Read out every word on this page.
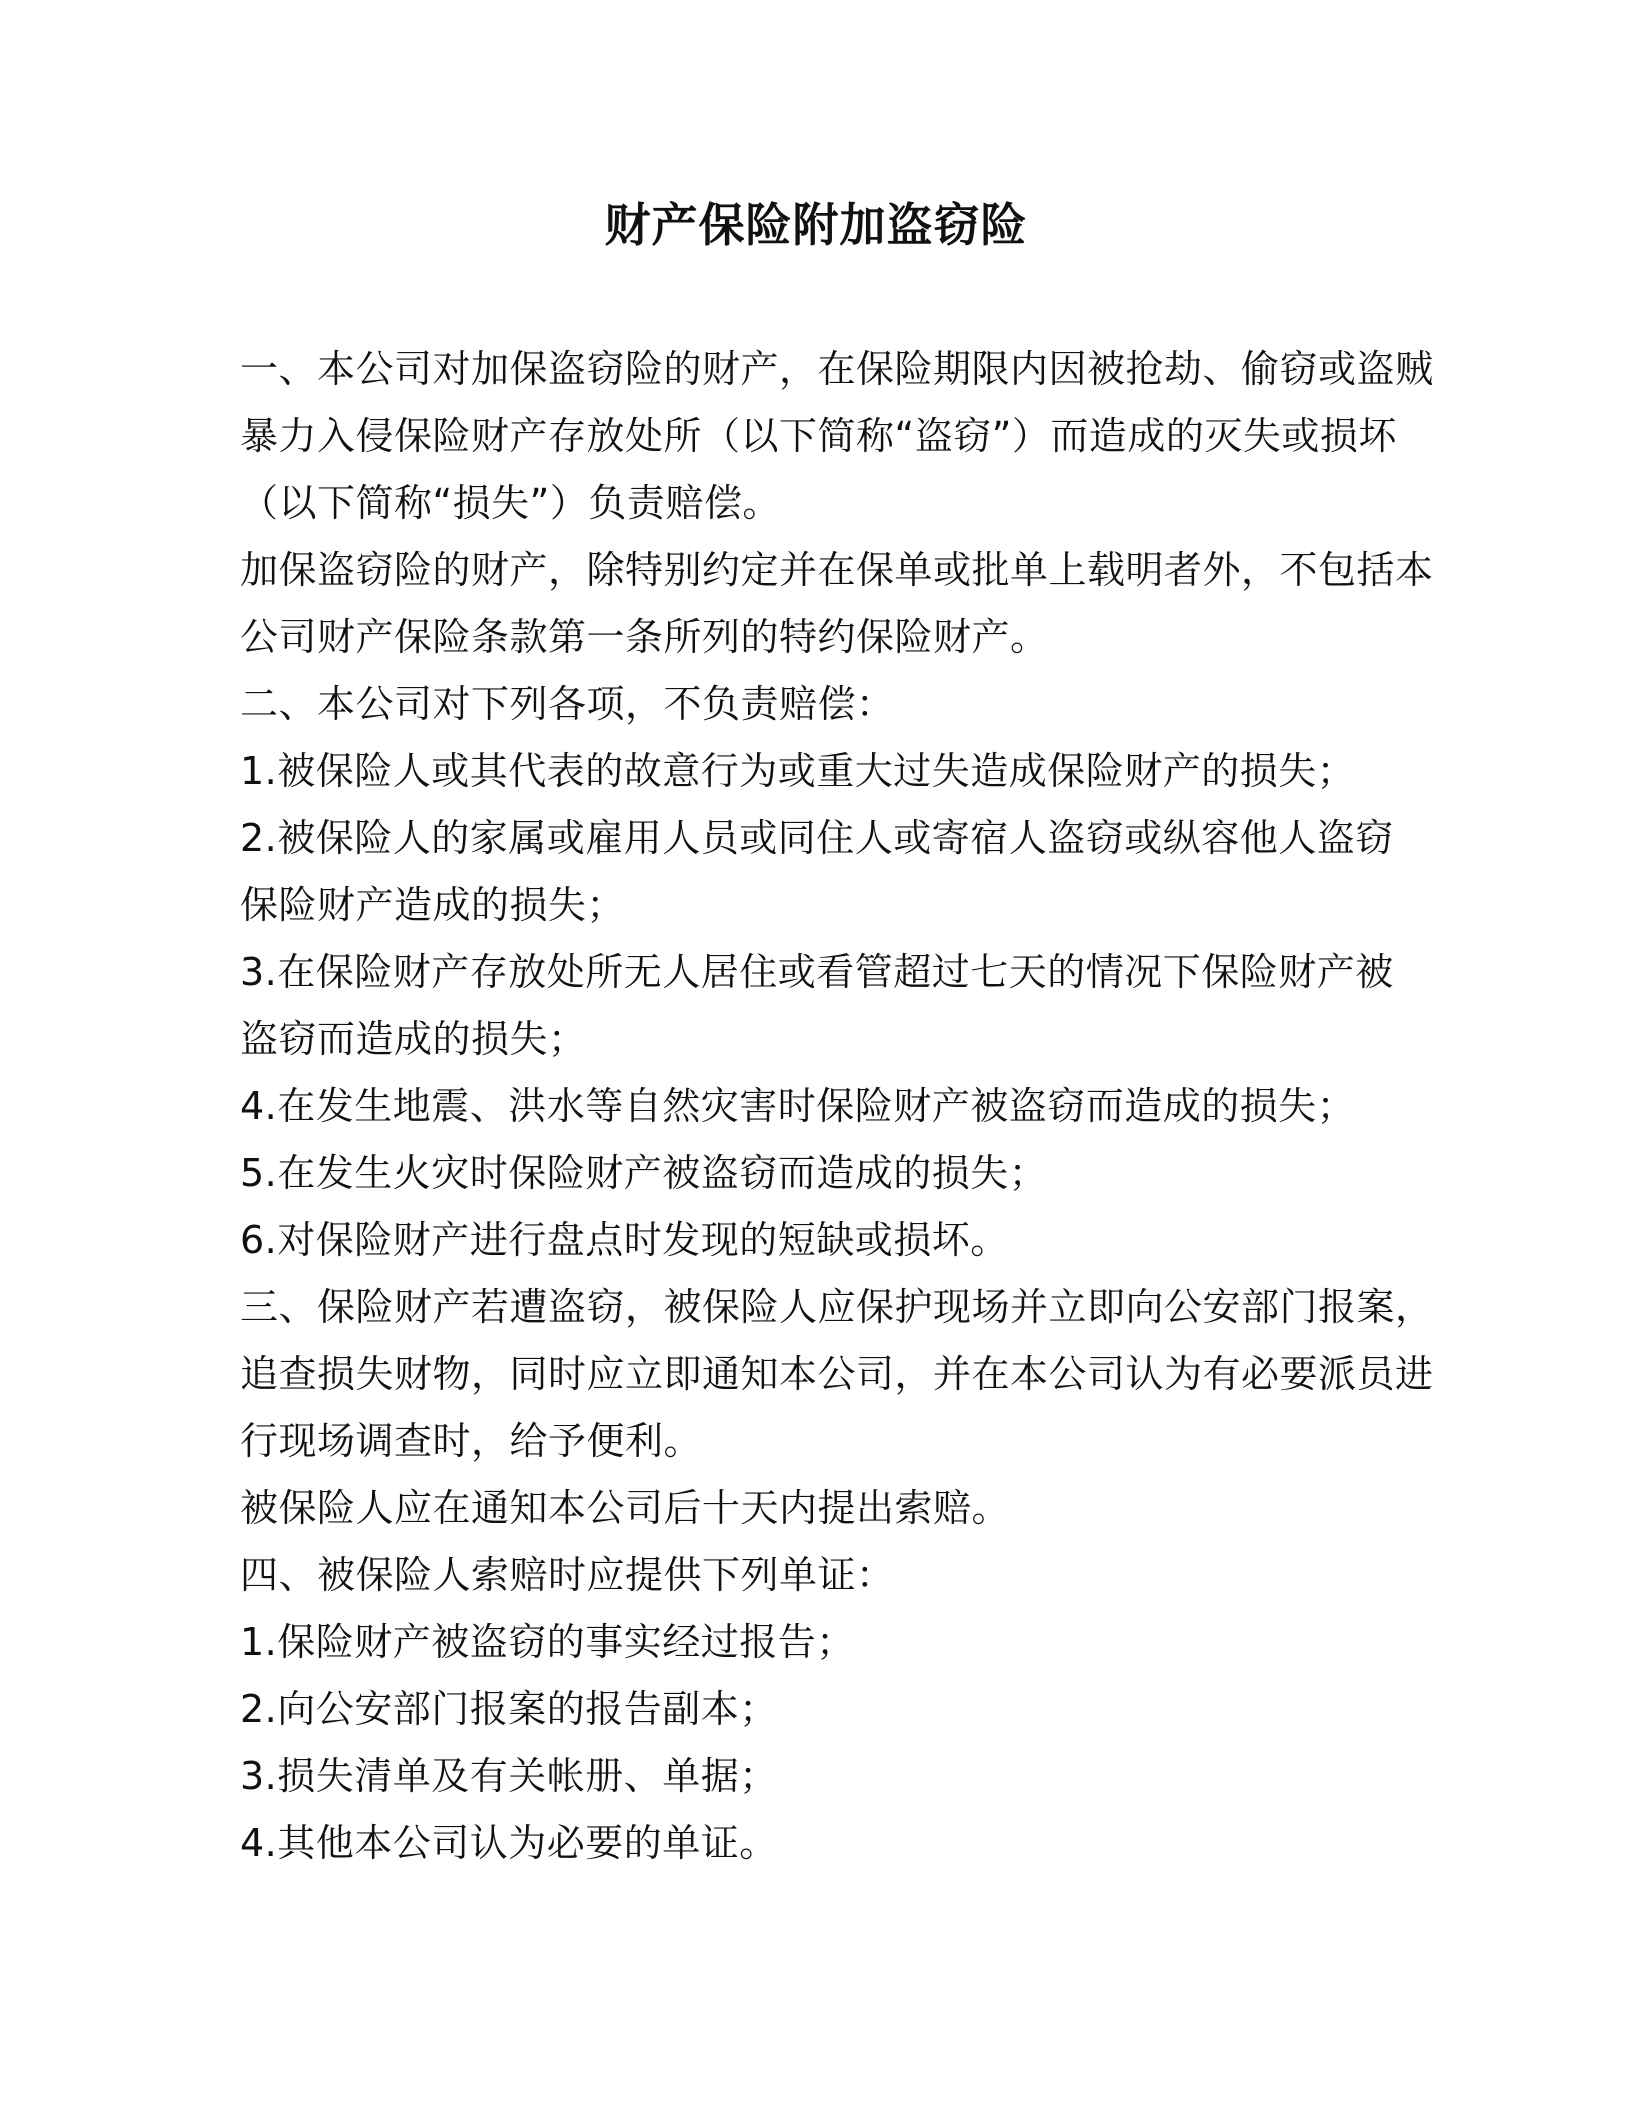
财产保险附加盗窃险
一、本公司对加保盗窃险的财产，在保险期限内因被抢劫、偷窃或盗贼
暴力入侵保险财产存放处所（以下简称“盗窃”）而造成的灭失或损坏
（以下简称“损失”）负责赔偿。
加保盗窃险的财产，除特别约定并在保单或批单上载明者外，不包括本
公司财产保险条款第一条所列的特约保险财产。
二、本公司对下列各项，不负责赔偿：
1.被保险人或其代表的故意行为或重大过失造成保险财产的损失；
2.被保险人的家属或雇用人员或同住人或寄宿人盗窃或纵容他人盗窃
保险财产造成的损失；
3.在保险财产存放处所无人居住或看管超过七天的情况下保险财产被
盗窃而造成的损失；
4.在发生地震、洪水等自然灾害时保险财产被盗窃而造成的损失；
5.在发生火灾时保险财产被盗窃而造成的损失；
6.对保险财产进行盘点时发现的短缺或损坏。
三、保险财产若遭盗窃，被保险人应保护现场并立即向公安部门报案，
追查损失财物，同时应立即通知本公司，并在本公司认为有必要派员进
行现场调查时，给予便利。
被保险人应在通知本公司后十天内提出索赔。
四、被保险人索赔时应提供下列单证：
1.保险财产被盗窃的事实经过报告；
2.向公安部门报案的报告副本；
3.损失清单及有关帐册、单据；
4.其他本公司认为必要的单证。
